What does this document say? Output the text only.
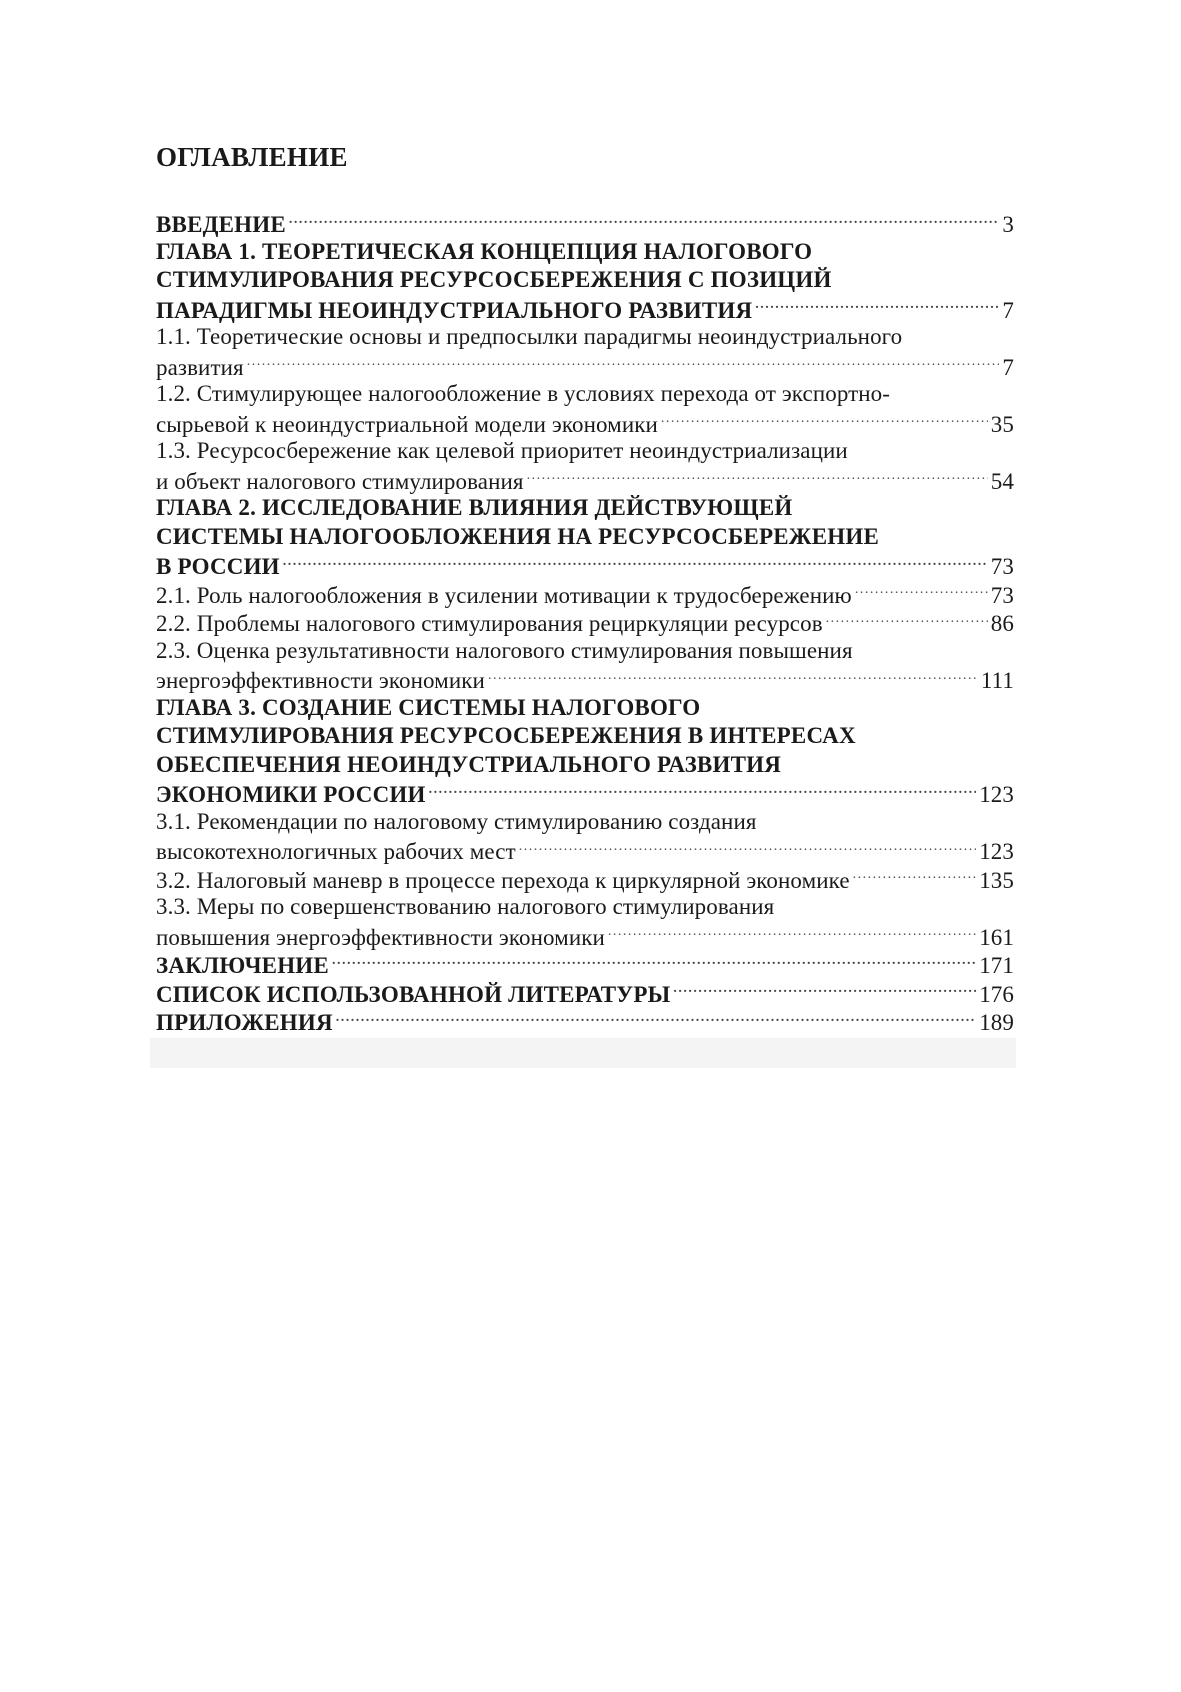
ОГЛАВЛЕНИЕ
ВВЕДЕНИЕ .....	3
ГЛАВА 1. ТЕОРЕТИЧЕСКАЯ КОНЦЕПЦИЯ НАЛОГОВОГО
СТИМУЛИРОВАНИЯ РЕСУРСОСБЕРЕЖЕНИЯ С ПОЗИЦИЙ
ПАРАДИГМЫ НЕОИНДУСТРИАЛЬНОГО РАЗВИТИЯ .....	7
1.1. Теоретические основы и предпосылки парадигмы неоиндустриального
развития .....	7
1.2. Стимулирующее налогообложение в условиях перехода от экспортно-
сырьевой к неоиндустриальной модели экономики .....	35
1.3. Ресурсосбережение как целевой приоритет неоиндустриализации
и объект налогового стимулирования .....	54
ГЛАВА 2. ИССЛЕДОВАНИЕ ВЛИЯНИЯ ДЕЙСТВУЮЩЕЙ
СИСТЕМЫ НАЛОГООБЛОЖЕНИЯ НА РЕСУРСОСБЕРЕЖЕНИЕ
В РОССИИ .....	73
2.1. Роль налогообложения в усилении мотивации к трудосбережению .....	73
2.2. Проблемы налогового стимулирования рециркуляции ресурсов .....	86
2.3. Оценка результативности налогового стимулирования повышения
энергоэффективности экономики .....	111
ГЛАВА 3. СОЗДАНИЕ СИСТЕМЫ НАЛОГОВОГО
СТИМУЛИРОВАНИЯ РЕСУРСОСБЕРЕЖЕНИЯ В ИНТЕРЕСАХ
ОБЕСПЕЧЕНИЯ НЕОИНДУСТРИАЛЬНОГО РАЗВИТИЯ
ЭКОНОМИКИ РОССИИ .....	123
3.1. Рекомендации по налоговому стимулированию создания
высокотехнологичных рабочих мест .....	123
3.2. Налоговый маневр в процессе перехода к циркулярной экономике .....	135
3.3. Меры по совершенствованию налогового стимулирования
повышения энергоэффективности экономики .....	161
ЗАКЛЮЧЕНИЕ .....	171
СПИСОК ИСПОЛЬЗОВАННОЙ ЛИТЕРАТУРЫ .....	176
ПРИЛОЖЕНИЯ .....	189
